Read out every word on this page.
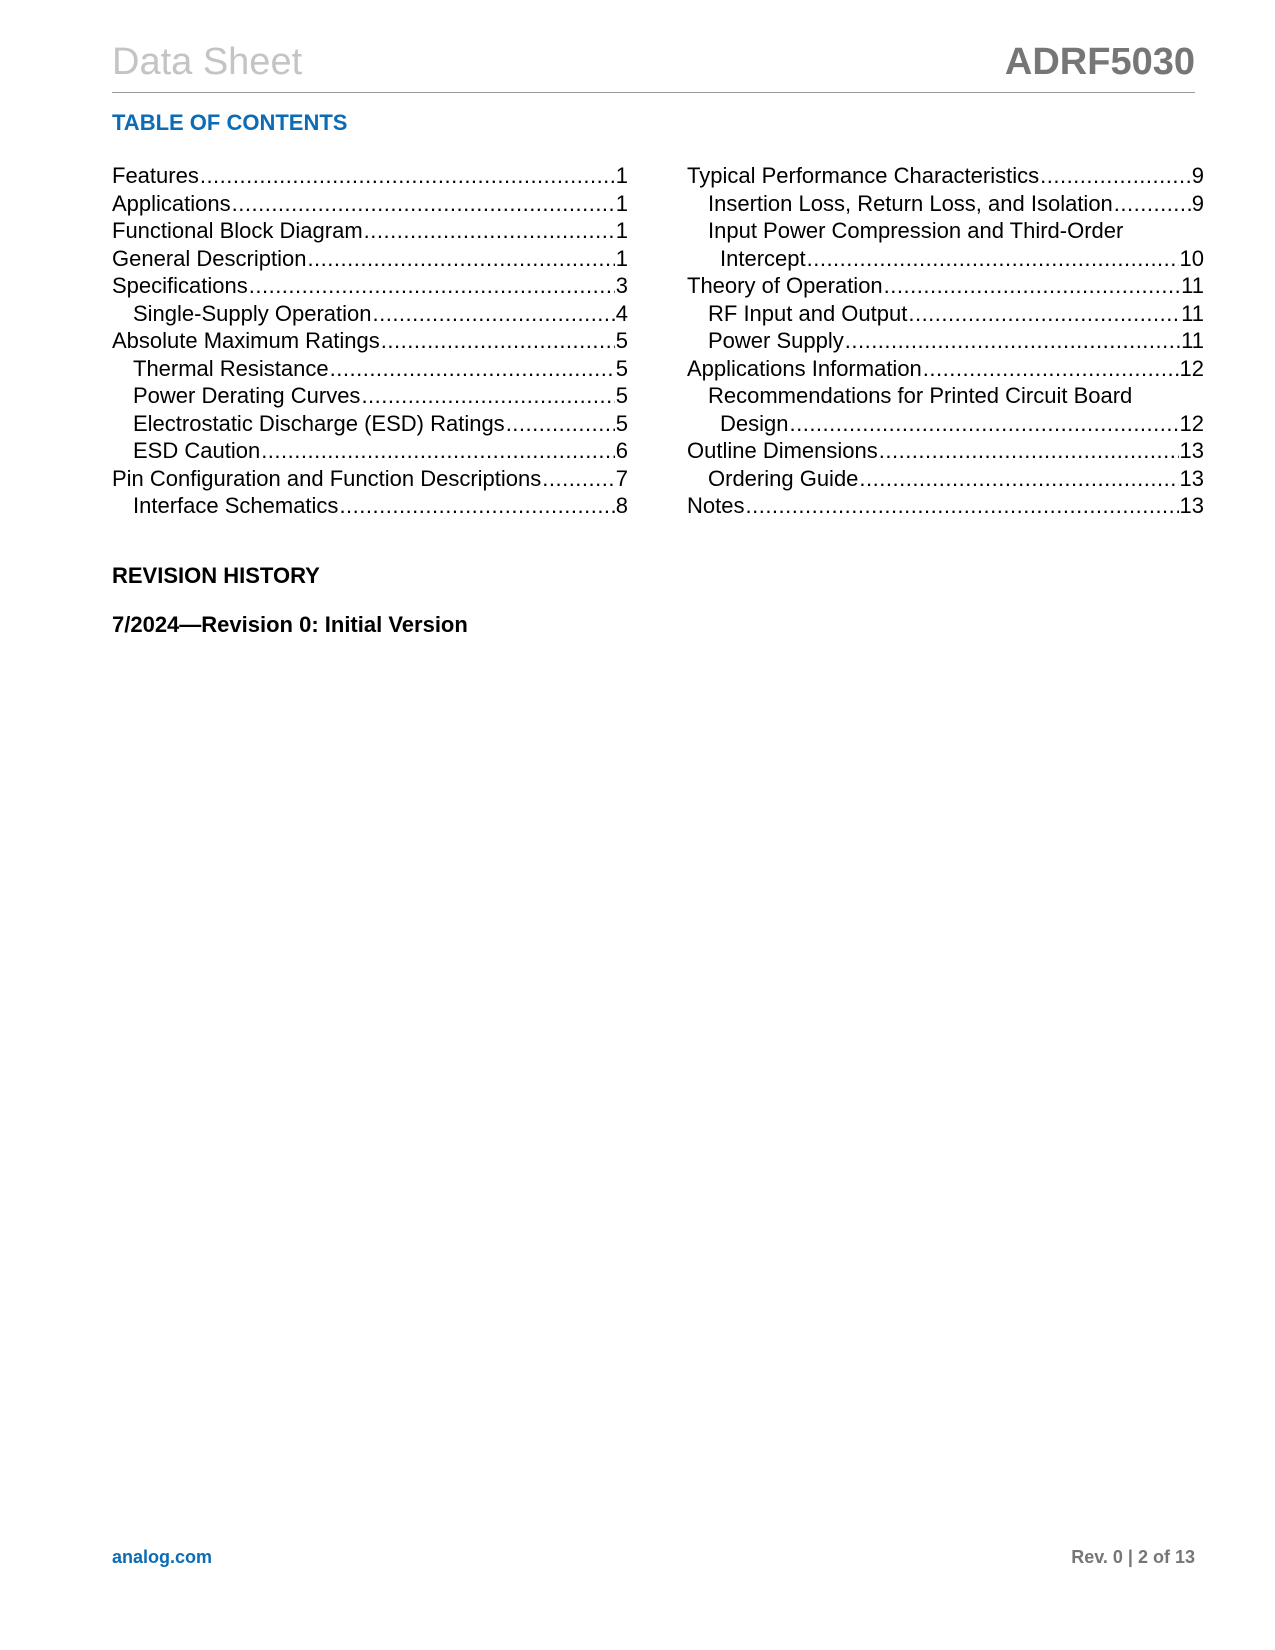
Data Sheet	ADRF5030
TABLE OF CONTENTS
Features .....	1
Applications .....	1
Functional Block Diagram .....	1
General Description .....	1
Specifications .....	3
Single-Supply Operation .....	4
Absolute Maximum Ratings .....	5
Thermal Resistance .....	5
Power Derating Curves .....	5
Electrostatic Discharge (ESD) Ratings .....	5
ESD Caution .....	6
Pin Configuration and Function Descriptions .....	7
Interface Schematics .....	8
Typical Performance Characteristics .....	9
Insertion Loss, Return Loss, and Isolation .....	9
Input Power Compression and Third-Order
Intercept .....	10
Theory of Operation .....	11
RF Input and Output .....	11
Power Supply .....	11
Applications Information .....	12
Recommendations for Printed Circuit Board
Design .....	12
Outline Dimensions .....	13
Ordering Guide .....	13
Notes .....	13
REVISION HISTORY
7/2024—Revision 0: Initial Version
analog.com	Rev. 0 | 2 of 13
